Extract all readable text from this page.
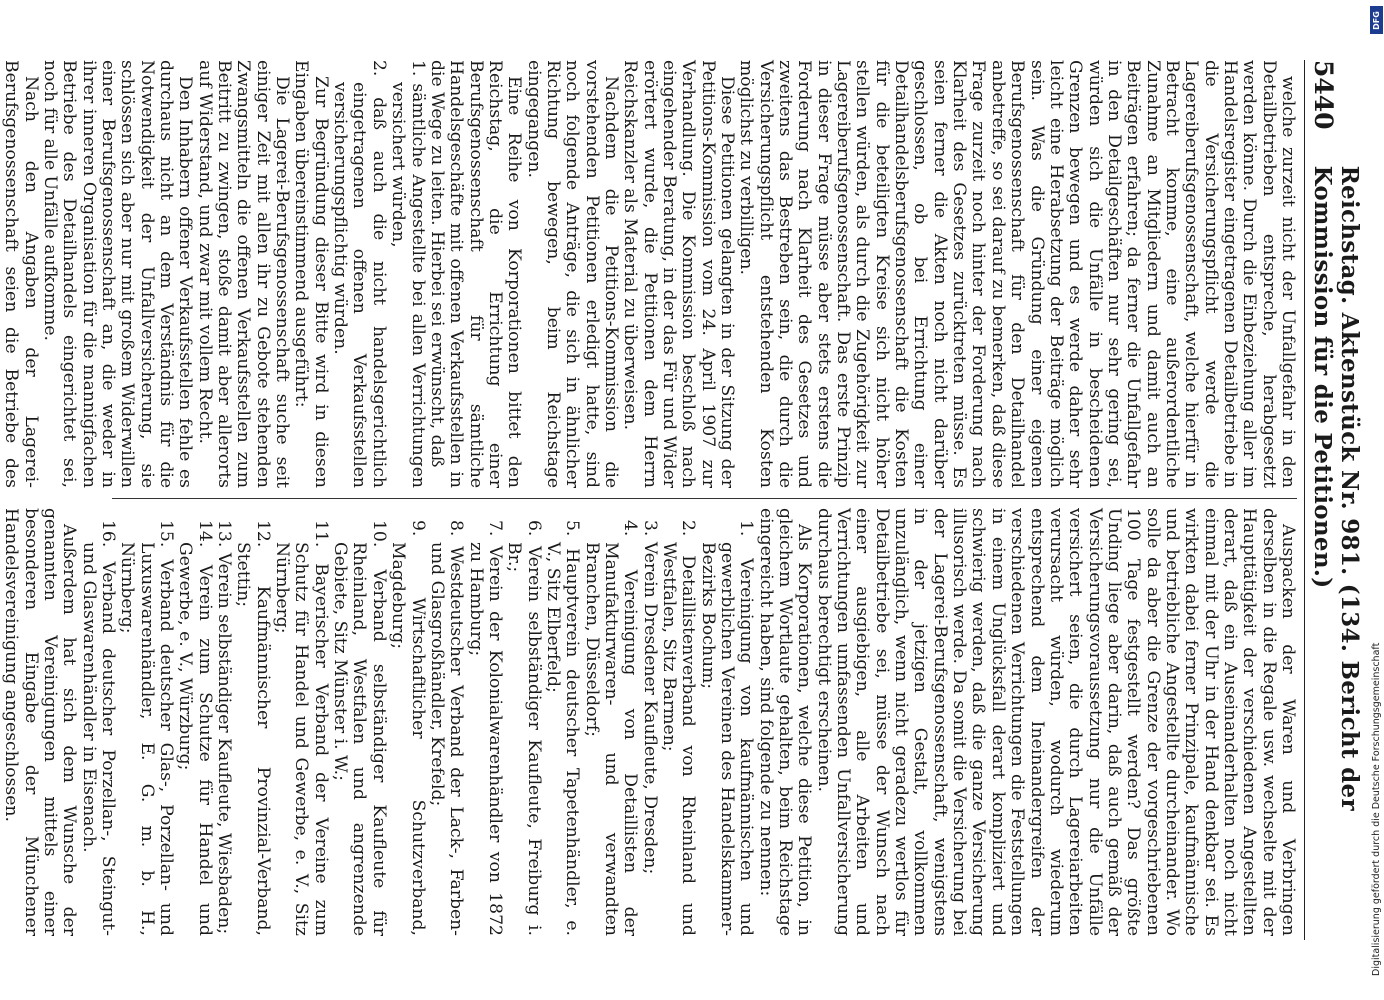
5440
Reichstag. Aktenstück Nr. 981. (134. Bericht der Kommission für die Petitionen.)

welche zurzeit nicht der Unfallgefahr in den Detailbetrieben entspreche, herabgesetzt werden könne. Durch die Einbeziehung aller im Handelsregister eingetragenen Detailbetriebe in die Versicherungspflicht werde die Lagereiberufsgenossenschaft, welche hierfür in Betracht komme, eine außerordentliche Zunahme an Mitgliedern und damit auch an Beiträgen erfahren; da ferner die Unfallgefahr in den Detailgeschäften nur sehr gering sei, würden sich die Unfälle in bescheidenen Grenzen bewegen und es werde daher sehr leicht eine Herabsetzung der Beiträge möglich sein. Was die Gründung einer eigenen Berufsgenossenschaft für den Detailhandel anbetreffe, so sei darauf zu bemerken, daß diese Frage zurzeit noch hinter der Forderung nach Klarheit des Gesetzes zurücktreten müsse. Es seien ferner die Akten noch nicht darüber geschlossen, ob bei Errichtung einer Detailhandelsberufsgenossenschaft die Kosten für die beteiligten Kreise sich nicht höher stellen würden, als durch die Zugehörigkeit zur Lagereiberufsgenossenschaft. Das erste Prinzip in dieser Frage müsse aber stets erstens die Forderung nach Klarheit des Gesetzes und zweitens das Bestreben sein, die durch die Versicherungspflicht entstehenden Kosten möglichst zu verbilligen.

Diese Petitionen gelangten in der Sitzung der Petitions-Kommission vom 24. April 1907 zur Verhandlung. Die Kommission beschloß nach eingehender Beratung, in der das Für und Wider erörtert wurde, die Petitionen dem Herrn Reichskanzler als Material zu überweisen.

Nachdem die Petitions-Kommission die vorstehenden Petitionen erledigt hatte, sind noch folgende Anträge, die sich in ähnlicher Richtung bewegen, beim Reichstage eingegangen.

Eine Reihe von Korporationen bittet den Reichstag, die Errichtung einer Berufsgenossenschaft für sämtliche Handelsgeschäfte mit offenen Verkaufsstellen in die Wege zu leiten. Hierbei sei erwünscht, daß

1. sämtliche Angestellte bei allen Verrichtungen versichert würden,

2. daß auch die nicht handelsgerichtlich eingetragenen offenen Verkaufsstellen versicherungspflichtig würden.

Zur Begründung dieser Bitte wird in diesen Eingaben übereinstimmend ausgeführt:

Die Lagerei-Berufsgenossenschaft suche seit einiger Zeit mit allen ihr zu Gebote stehenden Zwangsmitteln die offenen Verkaufsstellen zum Beitritt zu zwingen, stoße damit aber allerorts auf Widerstand, und zwar mit vollem Recht.

Den Inhabern offener Verkaufsstellen fehle es durchaus nicht an dem Verständnis für die Notwendigkeit der Unfallversicherung, sie schlössen sich aber nur mit großem Widerwillen einer Berufsgenossenschaft an, die weder in ihrer inneren Organisation für die mannigfachen Betriebe des Detailhandels eingerichtet sei, noch für alle Unfälle aufkomme.

Nach den Angaben der Lagerei-Berufsgenossenschaft seien die Betriebe des

Auspacken der Waren und Verbringen derselben in die Regale usw. wechselte mit der Haupttätigkeit der verschiedenen Angestellten derart, daß ein Auseinanderhalten noch nicht einmal mit der Uhr in der Hand denkbar sei. Es wirkten dabei ferner Prinzipale, kaufmännische und betriebliche Angestellte durcheinander. Wo solle da aber die Grenze der vorgeschriebenen 100 Tage festgestellt werden? Das größte Unding liege aber darin, daß auch gemäß der Versicherungsvoraussetzung nur die Unfälle versichert seien, die durch Lagereiarbeiten verursacht würden, wodurch wiederum entsprechend dem Ineinandergreifen der verschiedenen Verrichtungen die Feststellungen in einem Unglücksfall derart kompliziert und schwierig werden, daß die ganze Versicherung illusorisch werde. Da somit die Versicherung bei der Lagerei-Berufsgenossenschaft, wenigstens in der jetzigen Gestalt, vollkommen unzulänglich, wenn nicht geradezu wertlos für Detailbetriebe sei, müsse der Wunsch nach einer ausgiebigen, alle Arbeiten und Verrichtungen umfassenden Unfallversicherung durchaus berechtigt erscheinen.

Als Korporationen, welche diese Petition, in gleichem Wortlaute gehalten, beim Reichstage eingereicht haben, sind folgende zu nennen:

1. Vereinigung von kaufmännischen und gewerblichen Vereinen des Handelskammer-Bezirks Bochum;

2. Detaillistenverband von Rheinland und Westfalen, Sitz Barmen;

3. Verein Dresdener Kaufleute, Dresden;

4. Vereinigung von Detaillisten der Manufakturwaren- und verwandten Branchen, Düsseldorf;

5. Hauptverein deutscher Tapetenhändler, e. V., Sitz Elberfeld;

6. Verein selbständiger Kaufleute, Freiburg i. Br.;

7. Verein der Kolonialwarenhändler von 1872 zu Hamburg;

8. Westdeutscher Verband der Lack-, Farben- und Glasgroßhändler, Krefeld;

9. Wirtschaftlicher Schutzverband, Magdeburg;

10. Verband selbständiger Kaufleute für Rheinland, Westfalen und angrenzende Gebiete, Sitz Münster i. W.;

11. Bayerischer Verband der Vereine zum Schutz für Handel und Gewerbe, e. V., Sitz Nürnberg;

12. Kaufmännischer Provinzial-Verband, Stettin;

13. Verein selbständiger Kaufleute, Wiesbaden;

14. Verein zum Schutze für Handel und Gewerbe, e. V., Würzburg;

15. Verband deutscher Glas-, Porzellan- und Luxuswarenhändler, E. G. m. b. H., Nürnberg;

16. Verband deutscher Porzellan-, Steingut- und Glaswarenhändler in Eisenach.

Außerdem hat sich dem Wunsche der genannten Vereinigungen mittels einer besonderen Eingabe der Münchener Handelsvereinigung angeschlossen.

DFG
Digitalisierung gefördert durch die Deutsche Forschungsgemeinschaft
